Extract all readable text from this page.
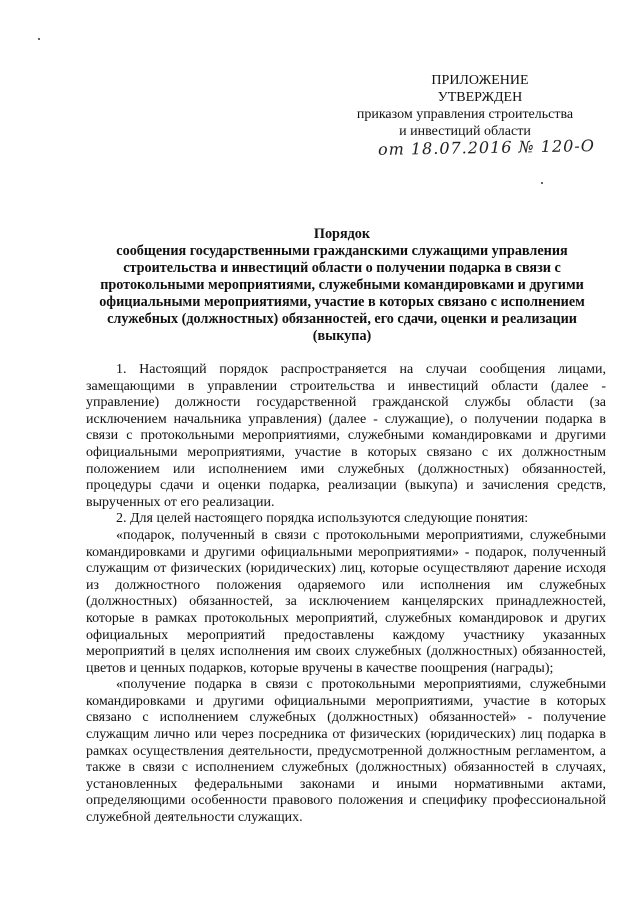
ПРИЛОЖЕНИЕ
УТВЕРЖДЕН
приказом управления строительства
и инвестиций области
от 18.07.2016 № 120-О
Порядок
сообщения государственными гражданскими служащими управления строительства и инвестиций области о получении подарка в связи с протокольными мероприятиями, служебными командировками и другими официальными мероприятиями, участие в которых связано с исполнением служебных (должностных) обязанностей, его сдачи, оценки и реализации (выкупа)

1. Настоящий порядок распространяется на случаи сообщения лицами, замещающими в управлении строительства и инвестиций области (далее - управление) должности государственной гражданской службы области (за исключением начальника управления) (далее - служащие), о получении подарка в связи с протокольными мероприятиями, служебными командировками и другими официальными мероприятиями, участие в которых связано с их должностным положением или исполнением ими служебных (должностных) обязанностей, процедуры сдачи и оценки подарка, реализации (выкупа) и зачисления средств, вырученных от его реализации.

2. Для целей настоящего порядка используются следующие понятия:

«подарок, полученный в связи с протокольными мероприятиями, служебными командировками и другими официальными мероприятиями» - подарок, полученный служащим от физических (юридических) лиц, которые осуществляют дарение исходя из должностного положения одаряемого или исполнения им служебных (должностных) обязанностей, за исключением канцелярских принадлежностей, которые в рамках протокольных мероприятий, служебных командировок и других официальных мероприятий предоставлены каждому участнику указанных мероприятий в целях исполнения им своих служебных (должностных) обязанностей, цветов и ценных подарков, которые вручены в качестве поощрения (награды);

«получение подарка в связи с протокольными мероприятиями, служебными командировками и другими официальными мероприятиями, участие в которых связано с исполнением служебных (должностных) обязанностей» - получение служащим лично или через посредника от физических (юридических) лиц подарка в рамках осуществления деятельности, предусмотренной должностным регламентом, а также в связи с исполнением служебных (должностных) обязанностей в случаях, установленных федеральными законами и иными нормативными актами, определяющими особенности правового положения и специфику профессиональной служебной деятельности служащих.
